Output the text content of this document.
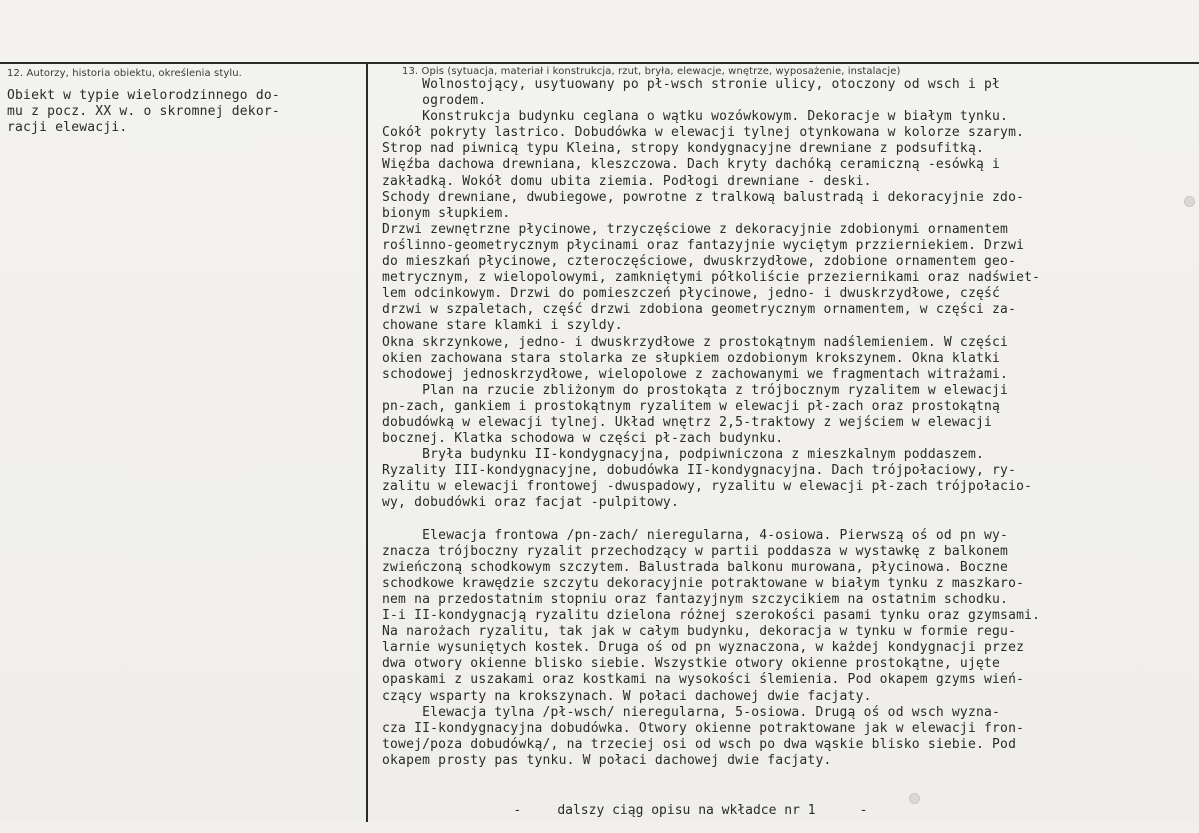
12. Autorzy, historia obiektu, określenia stylu.
Obiekt w typie wielorodzinnego do-
mu z pocz. XX w. o skromnej dekor-
racji elewacji.
13. Opis (sytuacja, materiał i konstrukcja, rzut, bryła, elewacje, wnętrze, wyposażenie, instalacje)
Wolnostojący, usytuowany po pł-wsch stronie ulicy, otoczony od wsch i pł
ogrodem.
Konstrukcja budynku ceglana o wątku wozówkowym. Dekoracje w białym tynku.
Cokół pokryty lastrico. Dobudówka w elewacji tylnej otynkowana w kolorze szarym.
Strop nad piwnicą typu Kleina, stropy kondygnacyjne drewniane z podsufitką.
Więźba dachowa drewniana, kleszczowa. Dach kryty dachóką ceramiczną -esówką i
zakładką. Wokół domu ubita ziemia. Podłogi drewniane - deski.
Schody drewniane, dwubiegowe, powrotne z tralkową balustradą i dekoracyjnie zdo-
bionym słupkiem.
Drzwi zewnętrzne płycinowe, trzyczęściowe z dekoracyjnie zdobionymi ornamentem
roślinno-geometrycznym płycinami oraz fantazyjnie wyciętym przzierniekiem. Drzwi
do mieszkań płycinowe, czteroczęściowe, dwuskrzydłowe, zdobione ornamentem geo-
metrycznym, z wielopolowymi, zamkniętymi półkoliście przeziernikami oraz nadświet-
lem odcinkowym. Drzwi do pomieszczeń płycinowe, jedno- i dwuskrzydłowe, część
drzwi w szpaletach, część drzwi zdobiona geometrycznym ornamentem, w części za-
chowane stare klamki i szyldy.
Okna skrzynkowe, jedno- i dwuskrzydłowe z prostokątnym nadślemieniem. W części
okien zachowana stara stolarka ze słupkiem ozdobionym krokszynem. Okna klatki
schodowej jednoskrzydłowe, wielopolowe z zachowanymi we fragmentach witrażami.
Plan na rzucie zbliżonym do prostokąta z trójbocznym ryzalitem w elewacji
pn-zach, gankiem i prostokątnym ryzalitem w elewacji pł-zach oraz prostokątną
dobudówką w elewacji tylnej. Układ wnętrz 2,5-traktowy z wejściem w elewacji
bocznej. Klatka schodowa w części pł-zach budynku.
Bryła budynku II-kondygnacyjna, podpiwniczona z mieszkalnym poddaszem.
Ryzality III-kondygnacyjne, dobudówka II-kondygnacyjna. Dach trójpołaciowy, ry-
zalitu w elewacji frontowej -dwuspadowy, ryzalitu w elewacji pł-zach trójpołacio-
wy, dobudówki oraz facjat -pulpitowy.

Elewacja frontowa /pn-zach/ nieregularna, 4-osiowa. Pierwszą oś od pn wy-
znacza trójboczny ryzalit przechodzący w partii poddasza w wystawkę z balkonem
zwieńczoną schodkowym szczytem. Balustrada balkonu murowana, płycinowa. Boczne
schodkowe krawędzie szczytu dekoracyjnie potraktowane w białym tynku z maszkaro-
nem na przedostatnim stopniu oraz fantazyjnym szczycikiem na ostatnim schodku.
I-i II-kondygnacją ryzalitu dzielona różnej szerokości pasami tynku oraz gzymsami.
Na narożach ryzalitu, tak jak w całym budynku, dekoracja w tynku w formie regu-
larnie wysuniętych kostek. Druga oś od pn wyznaczona, w każdej kondygnacji przez
dwa otwory okienne blisko siebie. Wszystkie otwory okienne prostokątne, ujęte
opaskami z uszakami oraz kostkami na wysokości ślemienia. Pod okapem gzyms wień-
czący wsparty na krokszynach. W połaci dachowej dwie facjaty.
Elewacja tylna /pł-wsch/ nieregularna, 5-osiowa. Drugą oś od wsch wyzna-
cza II-kondygnacyjna dobudówka. Otwory okienne potraktowane jak w elewacji fron-
towej/poza dobudówką/, na trzeciej osi od wsch po dwa wąskie blisko siebie. Pod
okapem prosty pas tynku. W połaci dachowej dwie facjaty.

-	dalszy ciąg opisu na wkładce nr 1	-
